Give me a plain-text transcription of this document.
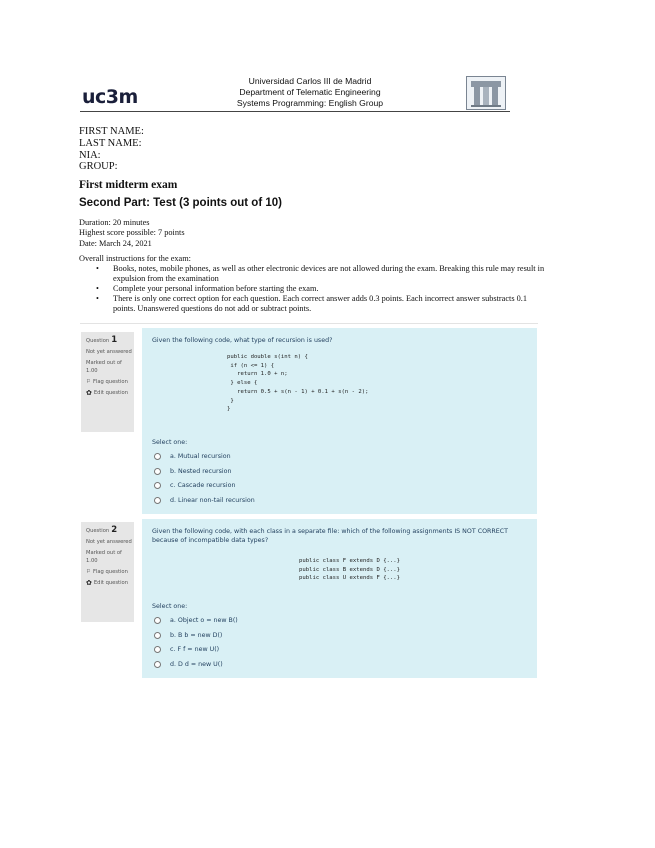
uc3m
Universidad Carlos III de Madrid
Department of Telematic Engineering
Systems Programming: English Group
FIRST NAME:
LAST NAME:
NIA:
GROUP:
First midterm exam
Second Part: Test (3 points out of 10)
Duration: 20 minutes
Highest score possible: 7 points
Date: March 24, 2021
Overall instructions for the exam:
• Books, notes, mobile phones, as well as other electronic devices are not allowed during the exam. Breaking this rule may result in expulsion from the examination
• Complete your personal information before starting the exam.
• There is only one correct option for each question. Each correct answer adds 0.3 points. Each incorrect answer substracts 0.1 points. Unanswered questions do not add or subtract points.
Question 1
Not yet answered
Marked out of 1.00
⚐ Flag question
✿ Edit question
Given the following code, what type of recursion is used?
public double s(int n) {
if (n <= 1) {
return 1.0 + n;
} else {
return 0.5 + s(n - 1) + 0.1 + s(n - 2);
}
}
Select one:
a. Mutual recursion
b. Nested recursion
c. Cascade recursion
d. Linear non-tail recursion
Question 2
Not yet answered
Marked out of 1.00
⚐ Flag question
✿ Edit question
Given the following code, with each class in a separate file: which of the following assignments IS NOT CORRECT because of incompatible data types?
public class F extends D {...}
public class B extends D {...}
public class U extends F {...}
Select one:
a. Object o = new B()
b. B b = new D()
c. F f = new U()
d. D d = new U()
